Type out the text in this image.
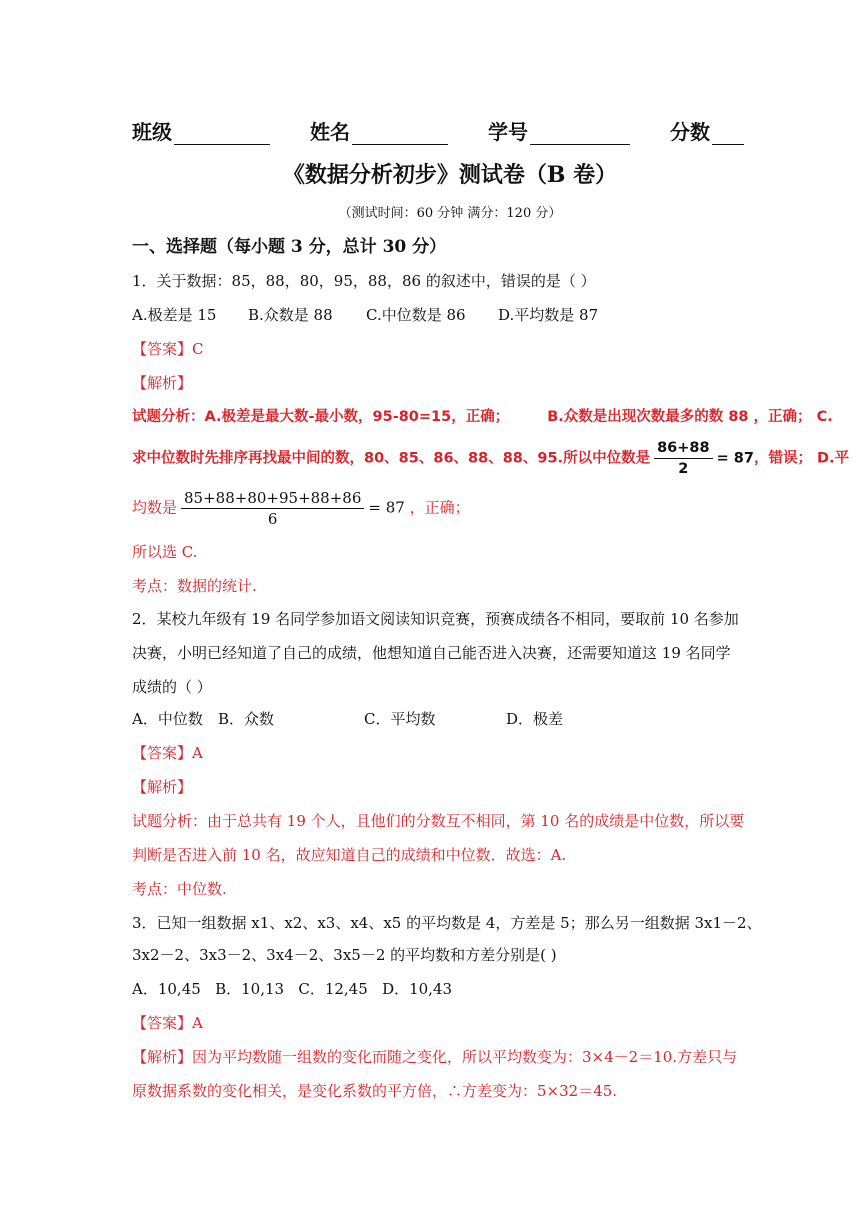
班级	姓名	学号	分数
《数据分析初步》测试卷（B 卷）
（测试时间：60 分钟 满分：120 分）
一、选择题（每小题 3 分，总计 30 分）
1．关于数据：85，88，80，95，88，86 的叙述中，错误的是（ ）
A.极差是 15 B.众数是 88 C.中位数是 86 D.平均数是 87
【答案】C
【解析】
试题分析：A.极差是最大数-最小数，95-80=15，正确；	B.众数是出现次数最多的数 88 ，正确； C.
求中位数时先排序再找最中间的数，80、85、86、88、88、95.所以中位数是 $\frac{86+88}{2} = 87$，错误； D.平
均数是 $\frac{85+88+80+95+88+86}{6} = 87$ ，正确；
所以选 C.
考点：数据的统计.
2．某校九年级有 19 名同学参加语文阅读知识竞赛，预赛成绩各不相同，要取前 10 名参加
决赛，小明已经知道了自己的成绩，他想知道自己能否进入决赛，还需要知道这 19 名同学
成绩的（ ）
A．中位数 B．众数	C．平均数	D．极差
【答案】A
【解析】
试题分析：由于总共有 19 个人，且他们的分数互不相同，第 10 名的成绩是中位数，所以要
判断是否进入前 10 名，故应知道自己的成绩和中位数．故选：A.
考点：中位数.
3．已知一组数据 x1、x2、x3、x4、x5 的平均数是 4，方差是 5；那么另一组数据 3x1－2、
3x2－2、3x3－2、3x4－2、3x5－2 的平均数和方差分别是( )
A．10,45   B．10,13   C．12,45   D．10,43
【答案】A
【解析】因为平均数随一组数的变化而随之变化，所以平均数变为：3×4－2＝10.方差只与
原数据系数的变化相关，是变化系数的平方倍，∴方差变为：5×32＝45.
